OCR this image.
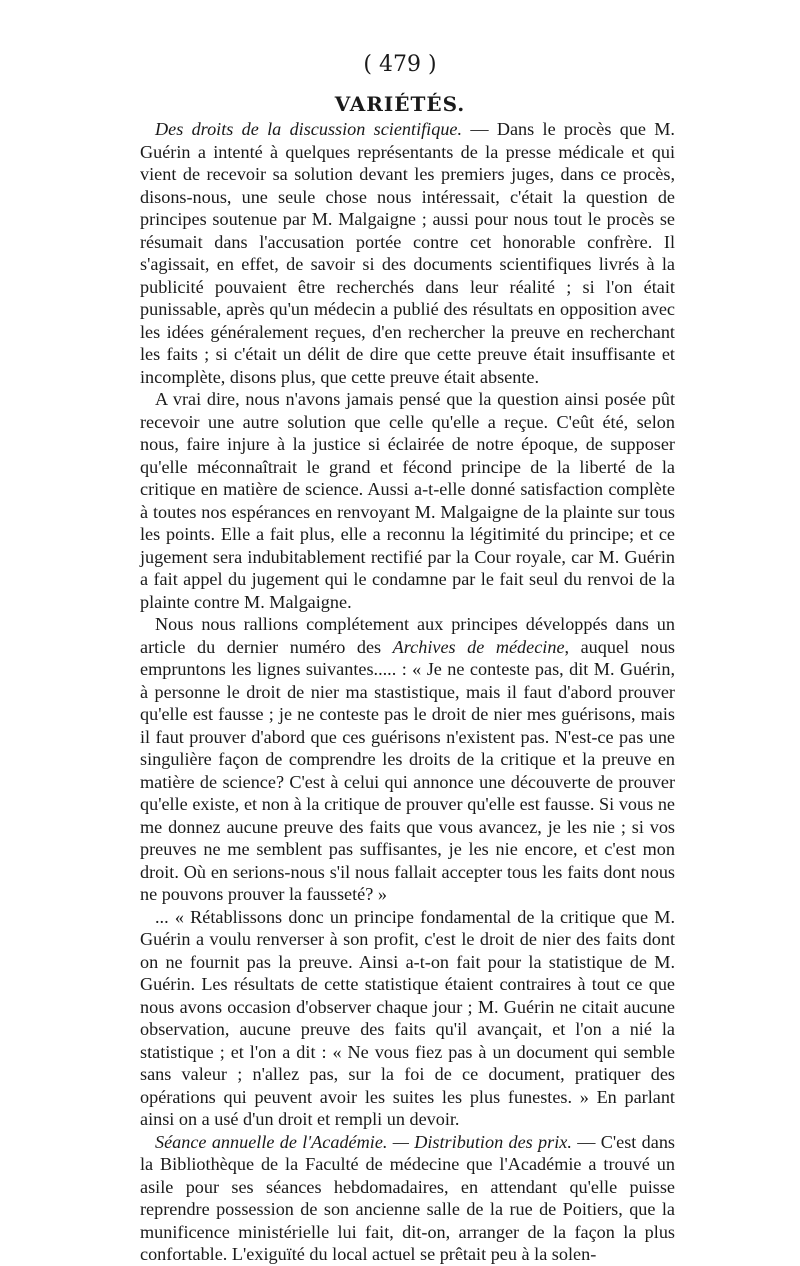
( 479 )
VARIÉTÉS.

Des droits de la discussion scientifique. — Dans le procès que M. Guérin a intenté à quelques représentants de la presse médicale et qui vient de recevoir sa solution devant les premiers juges, dans ce procès, disons-nous, une seule chose nous intéressait, c'était la question de principes soutenue par M. Malgaigne ; aussi pour nous tout le procès se résumait dans l'accusation portée contre cet honorable confrère. Il s'agissait, en effet, de savoir si des documents scientifiques livrés à la publicité pouvaient être recherchés dans leur réalité ; si l'on était punissable, après qu'un médecin a publié des résultats en opposition avec les idées généralement reçues, d'en rechercher la preuve en recherchant les faits ; si c'était un délit de dire que cette preuve était insuffisante et incomplète, disons plus, que cette preuve était absente.

A vrai dire, nous n'avons jamais pensé que la question ainsi posée pût recevoir une autre solution que celle qu'elle a reçue. C'eût été, selon nous, faire injure à la justice si éclairée de notre époque, de supposer qu'elle méconnaîtrait le grand et fécond principe de la liberté de la critique en matière de science. Aussi a-t-elle donné satisfaction complète à toutes nos espérances en renvoyant M. Malgaigne de la plainte sur tous les points. Elle a fait plus, elle a reconnu la légitimité du principe; et ce jugement sera indubitablement rectifié par la Cour royale, car M. Guérin a fait appel du jugement qui le condamne par le fait seul du renvoi de la plainte contre M. Malgaigne.

Nous nous rallions complétement aux principes développés dans un article du dernier numéro des Archives de médecine, auquel nous empruntons les lignes suivantes..... : « Je ne conteste pas, dit M. Guérin, à personne le droit de nier ma stastistique, mais il faut d'abord prouver qu'elle est fausse ; je ne conteste pas le droit de nier mes guérisons, mais il faut prouver d'abord que ces guérisons n'existent pas. N'est-ce pas une singulière façon de comprendre les droits de la critique et la preuve en matière de science? C'est à celui qui annonce une découverte de prouver qu'elle existe, et non à la critique de prouver qu'elle est fausse. Si vous ne me donnez aucune preuve des faits que vous avancez, je les nie ; si vos preuves ne me semblent pas suffisantes, je les nie encore, et c'est mon droit. Où en serions-nous s'il nous fallait accepter tous les faits dont nous ne pouvons prouver la fausseté? »

... « Rétablissons donc un principe fondamental de la critique que M. Guérin a voulu renverser à son profit, c'est le droit de nier des faits dont on ne fournit pas la preuve. Ainsi a-t-on fait pour la statistique de M. Guérin. Les résultats de cette statistique étaient contraires à tout ce que nous avons occasion d'observer chaque jour ; M. Guérin ne citait aucune observation, aucune preuve des faits qu'il avançait, et l'on a nié la statistique ; et l'on a dit : « Ne vous fiez pas à un document qui semble sans valeur ; n'allez pas, sur la foi de ce document, pratiquer des opérations qui peuvent avoir les suites les plus funestes. » En parlant ainsi on a usé d'un droit et rempli un devoir.

Séance annuelle de l'Académie. — Distribution des prix. — C'est dans la Bibliothèque de la Faculté de médecine que l'Académie a trouvé un asile pour ses séances hebdomadaires, en attendant qu'elle puisse reprendre possession de son ancienne salle de la rue de Poitiers, que la munificence ministérielle lui fait, dit-on, arranger de la façon la plus confortable. L'exiguïté du local actuel se prêtait peu à la solen-
